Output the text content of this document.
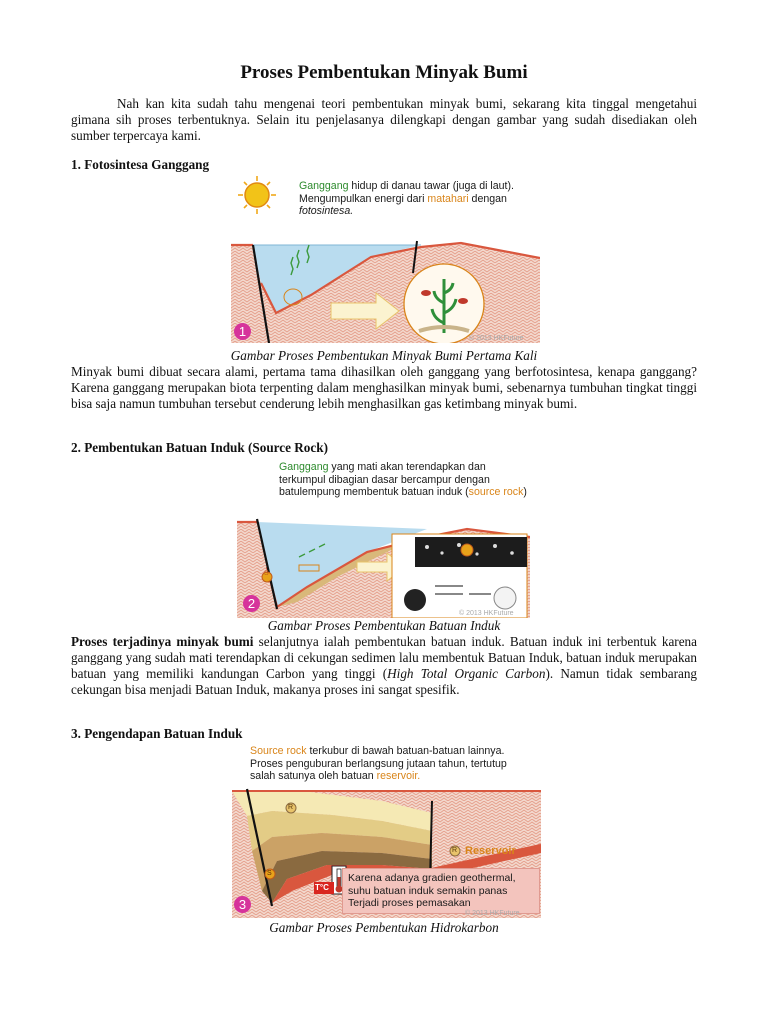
Proses Pembentukan Minyak Bumi

Nah kan kita sudah tahu mengenai teori pembentukan minyak bumi, sekarang kita tinggal mengetahui gimana sih proses terbentuknya. Selain itu penjelasanya dilengkapi dengan gambar yang sudah disediakan oleh sumber terpercaya kami.

1. Fotosintesa Ganggang
Ganggang hidup di danau tawar (juga di laut).
Mengumpulkan energi dari matahari dengan
fotosintesa.
1	© 2013 HKFuture
Gambar Proses Pembentukan Minyak Bumi Pertama Kali

Minyak bumi dibuat secara alami, pertama tama dihasilkan oleh ganggang yang berfotosintesa, kenapa ganggang? Karena ganggang merupakan biota terpenting dalam menghasilkan minyak bumi, sebenarnya tumbuhan tingkat tinggi bisa saja namun tumbuhan tersebut cenderung lebih menghasilkan gas ketimbang minyak bumi.

2. Pembentukan Batuan Induk (Source Rock)
Ganggang yang mati akan terendapkan dan
terkumpul dibagian dasar bercampur dengan
batulempung membentuk batuan induk (source rock)
S
2
© 2013 HKFuture
Gambar Proses Pembentukan Batuan Induk

Proses terjadinya minyak bumi selanjutnya ialah pembentukan batuan induk. Batuan induk ini terbentuk karena ganggang yang sudah mati terendapkan di cekungan sedimen lalu membentuk Batuan Induk, batuan induk merupakan batuan yang memiliki kandungan Carbon yang tinggi (High Total Organic Carbon). Namun tidak sembarang cekungan bisa menjadi Batuan Induk, makanya proses ini sangat spesifik.

3. Pengendapan Batuan Induk
Source rock terkubur di bawah batuan-batuan lainnya.
Proses penguburan berlangsung jutaan tahun, tertutup
salah satunya oleh batuan reservoir.
R
R
S
Reservoir
T°C
Karena adanya gradien geothermal,
suhu batuan induk semakin panas
Terjadi proses pemasakan
3
© 2013 HKFuture
Gambar Proses Pembentukan Hidrokarbon
